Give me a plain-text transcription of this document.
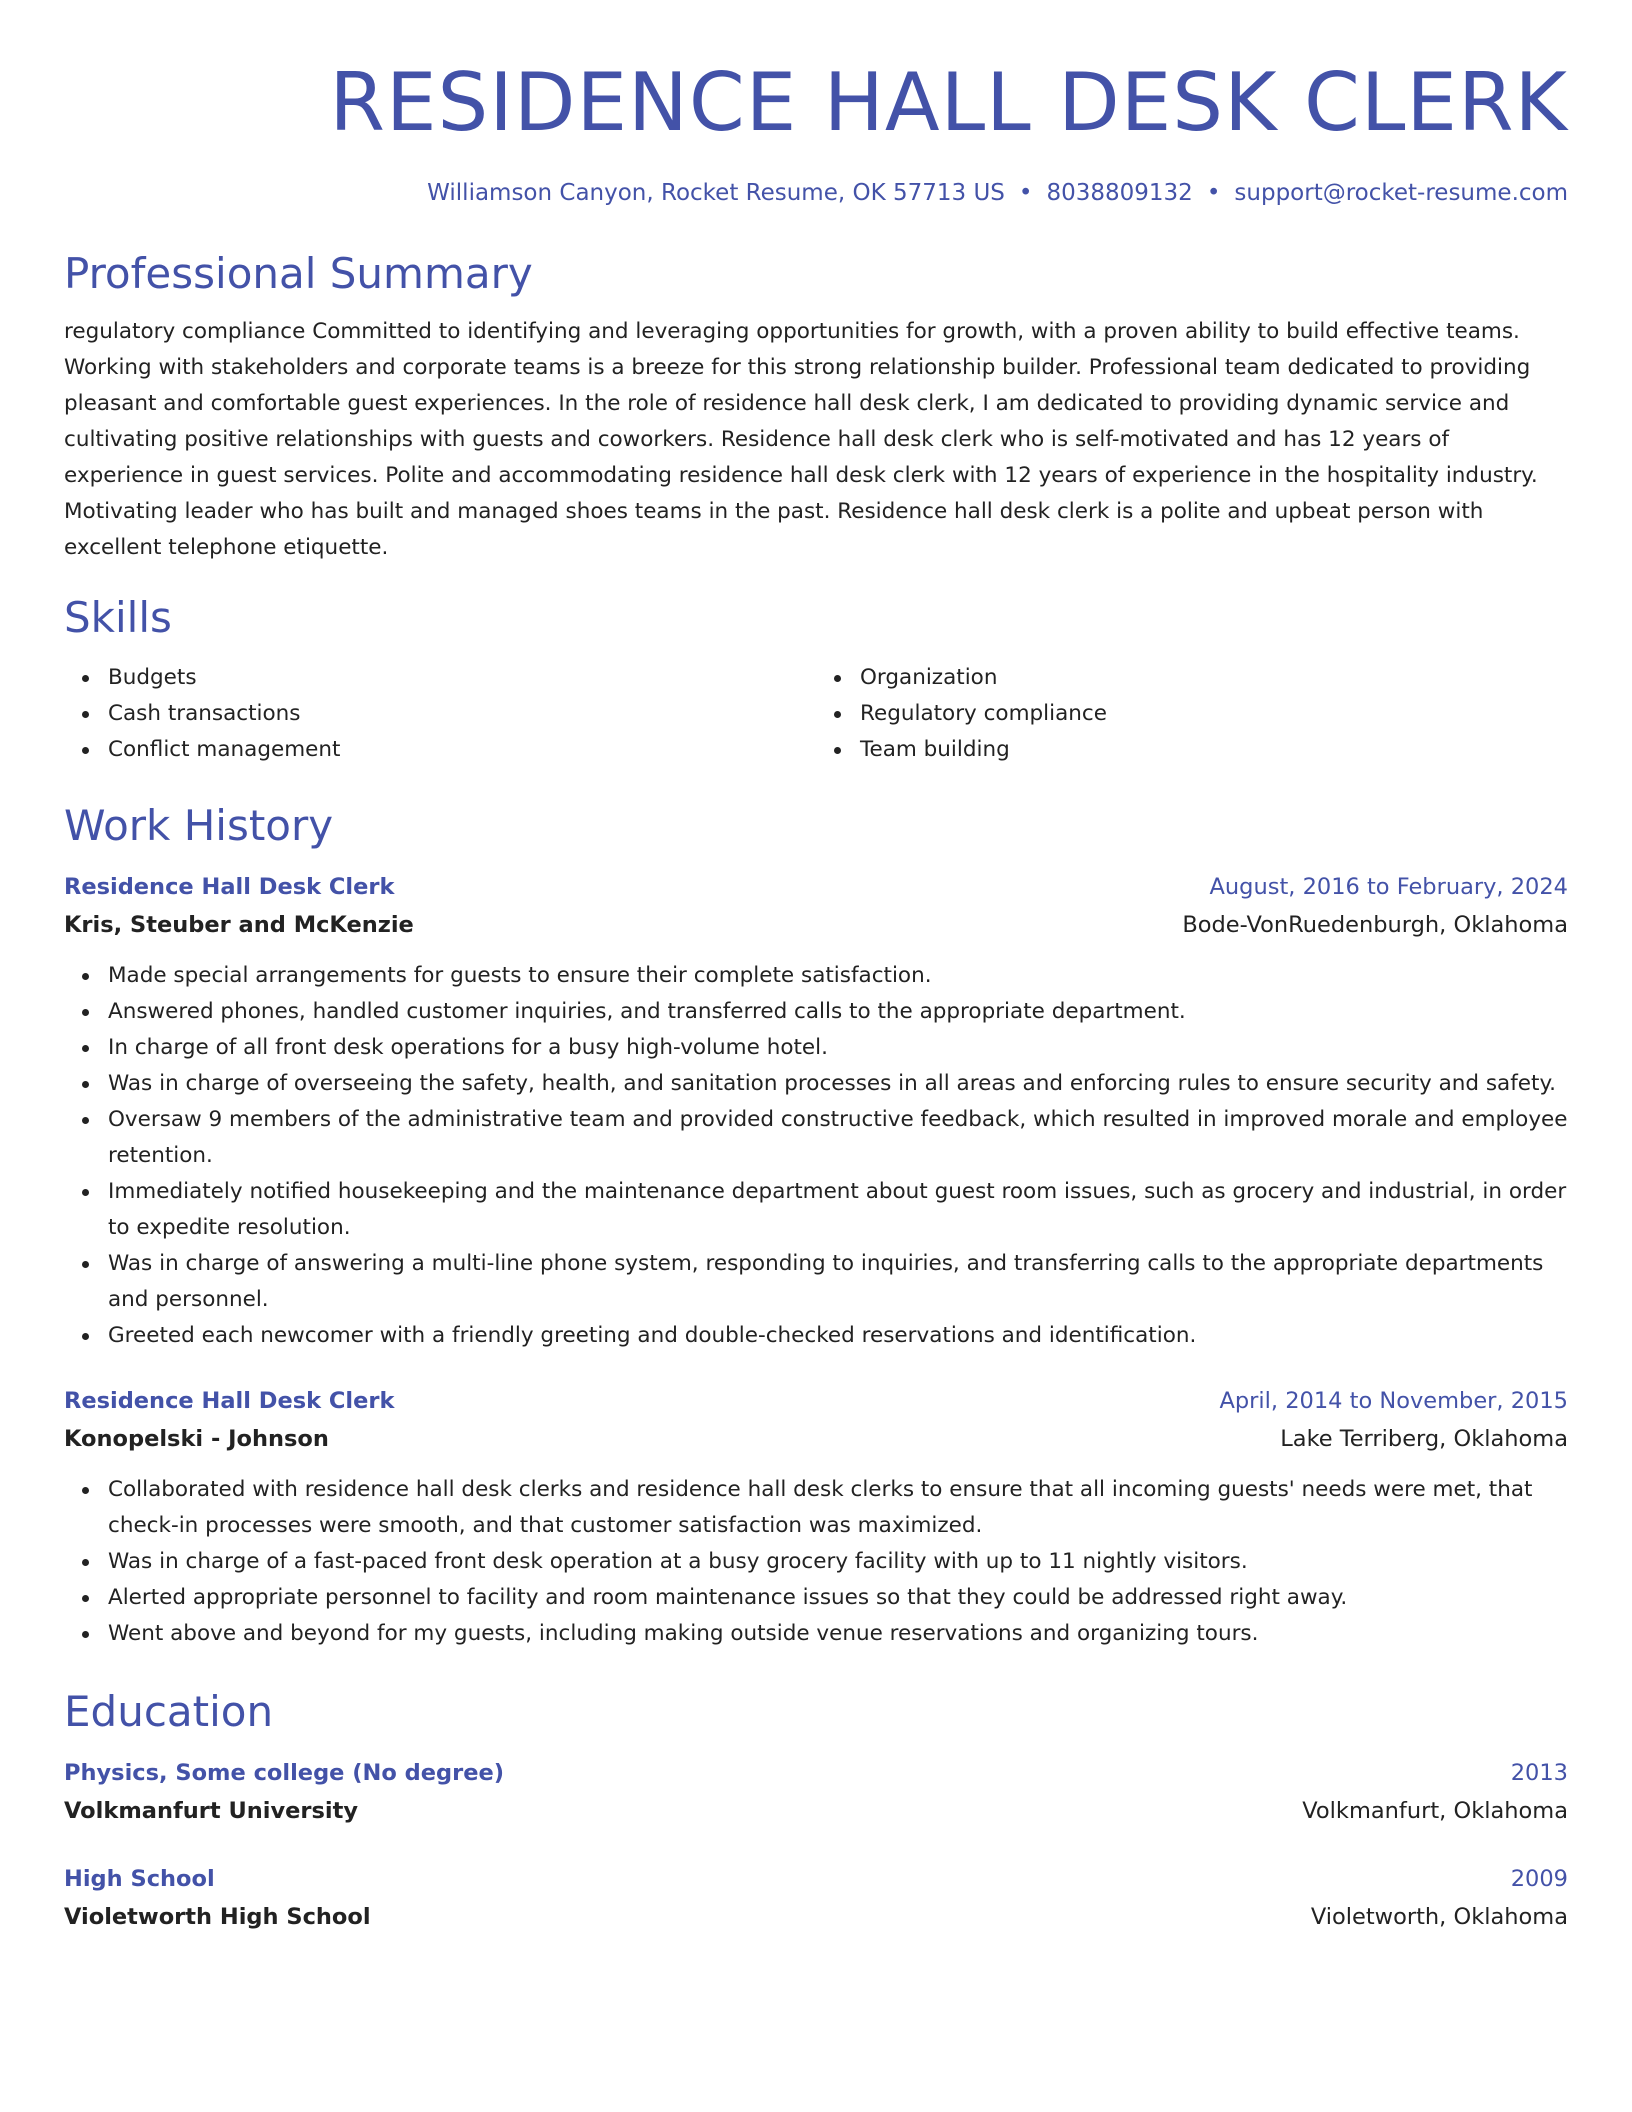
RESIDENCE HALL DESK CLERK
Williamson Canyon, Rocket Resume, OK 57713 US • 8038809132 • support@rocket-resume.com
Professional Summary
regulatory compliance Committed to identifying and leveraging opportunities for growth, with a proven ability to build effective teams. Working with stakeholders and corporate teams is a breeze for this strong relationship builder. Professional team dedicated to providing pleasant and comfortable guest experiences. In the role of residence hall desk clerk, I am dedicated to providing dynamic service and cultivating positive relationships with guests and coworkers. Residence hall desk clerk who is self-motivated and has 12 years of experience in guest services. Polite and accommodating residence hall desk clerk with 12 years of experience in the hospitality industry. Motivating leader who has built and managed shoes teams in the past. Residence hall desk clerk is a polite and upbeat person with excellent telephone etiquette.
Skills
Budgets
Cash transactions
Conflict management
Organization
Regulatory compliance
Team building
Work History
Residence Hall Desk Clerk	August, 2016 to February, 2024
Kris, Steuber and McKenzie	Bode-VonRuedenburgh, Oklahoma
Made special arrangements for guests to ensure their complete satisfaction.
Answered phones, handled customer inquiries, and transferred calls to the appropriate department.
In charge of all front desk operations for a busy high-volume hotel.
Was in charge of overseeing the safety, health, and sanitation processes in all areas and enforcing rules to ensure security and safety.
Oversaw 9 members of the administrative team and provided constructive feedback, which resulted in improved morale and employee retention.
Immediately notified housekeeping and the maintenance department about guest room issues, such as grocery and industrial, in order to expedite resolution.
Was in charge of answering a multi-line phone system, responding to inquiries, and transferring calls to the appropriate departments and personnel.
Greeted each newcomer with a friendly greeting and double-checked reservations and identification.
Residence Hall Desk Clerk	April, 2014 to November, 2015
Konopelski - Johnson	Lake Terriberg, Oklahoma
Collaborated with residence hall desk clerks and residence hall desk clerks to ensure that all incoming guests' needs were met, that check-in processes were smooth, and that customer satisfaction was maximized.
Was in charge of a fast-paced front desk operation at a busy grocery facility with up to 11 nightly visitors.
Alerted appropriate personnel to facility and room maintenance issues so that they could be addressed right away.
Went above and beyond for my guests, including making outside venue reservations and organizing tours.
Education
Physics, Some college (No degree)	2013
Volkmanfurt University	Volkmanfurt, Oklahoma
High School	2009
Violetworth High School	Violetworth, Oklahoma
